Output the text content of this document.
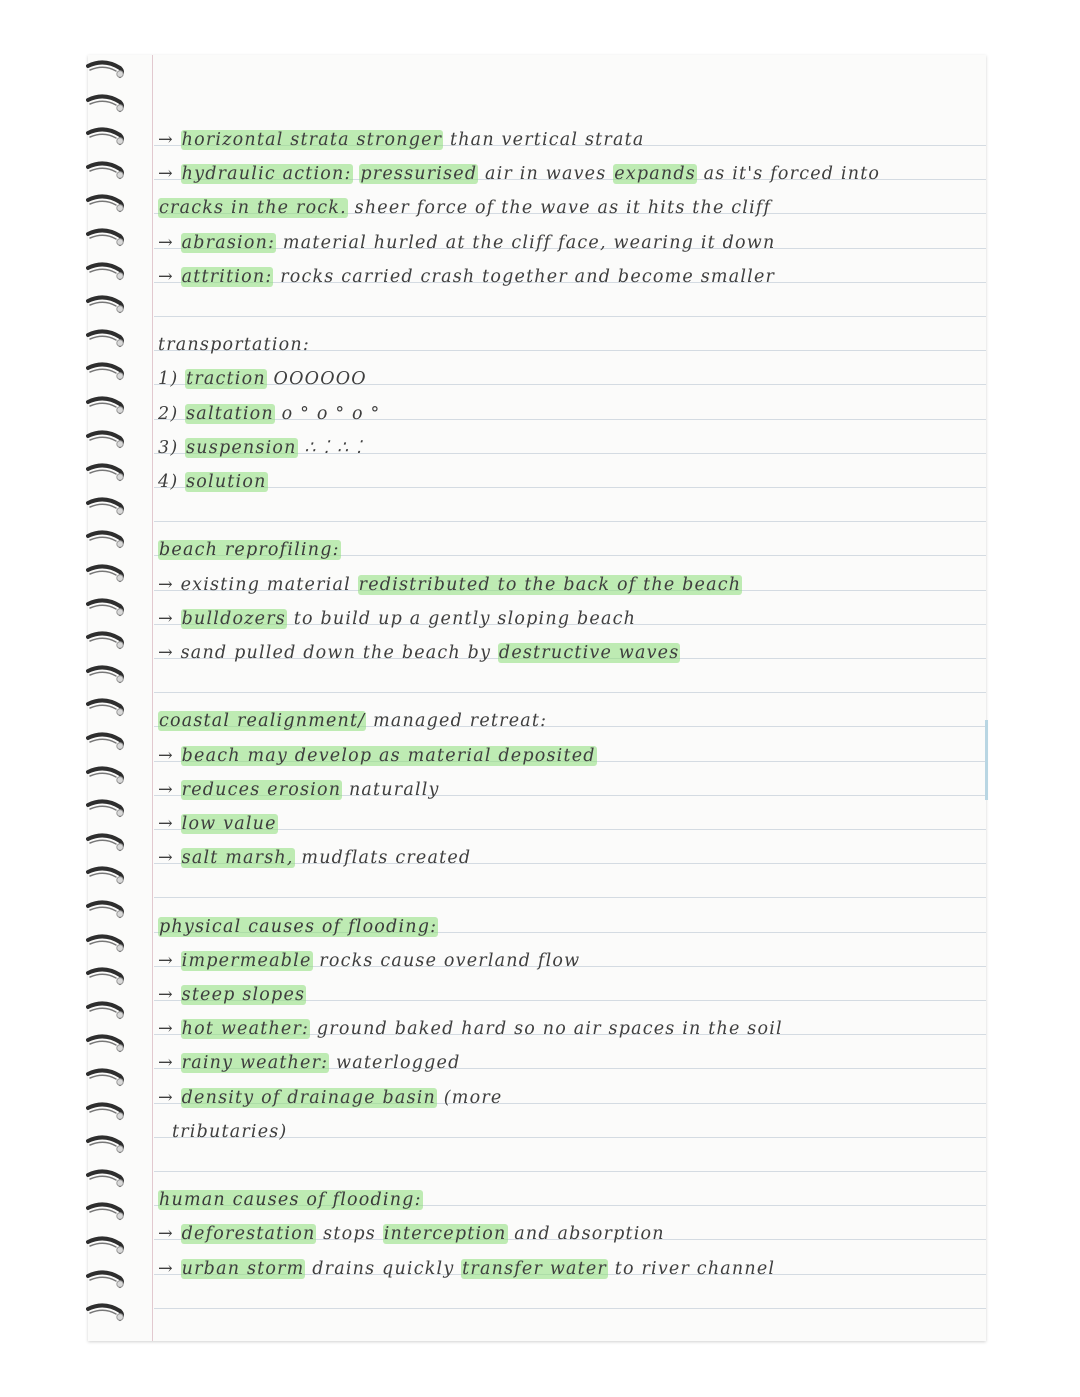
→ horizontal strata stronger than vertical strata
→ hydraulic action: pressurised air in waves expands as it's forced into
cracks in the rock. sheer force of the wave as it hits the cliff
→ abrasion: material hurled at the cliff face, wearing it down
→ attrition: rocks carried crash together and become smaller
transportation:
1) traction OOOOOO
2) saltation o ° o ° o °
3) suspension ∴ ⁚ ∴ ⁚
4) solution
beach reprofiling:
→ existing material redistributed to the back of the beach
→ bulldozers to build up a gently sloping beach
→ sand pulled down the beach by destructive waves
coastal realignment/ managed retreat:
→ beach may develop as material deposited
→ reduces erosion naturally
→ low value
→ salt marsh, mudflats created
physical causes of flooding:
→ impermeable rocks cause overland flow
→ steep slopes
→ hot weather: ground baked hard so no air spaces in the soil
→ rainy weather: waterlogged
→ density of drainage basin (more
tributaries)
human causes of flooding:
→ deforestation stops interception and absorption
→ urban storm drains quickly transfer water to river channel
